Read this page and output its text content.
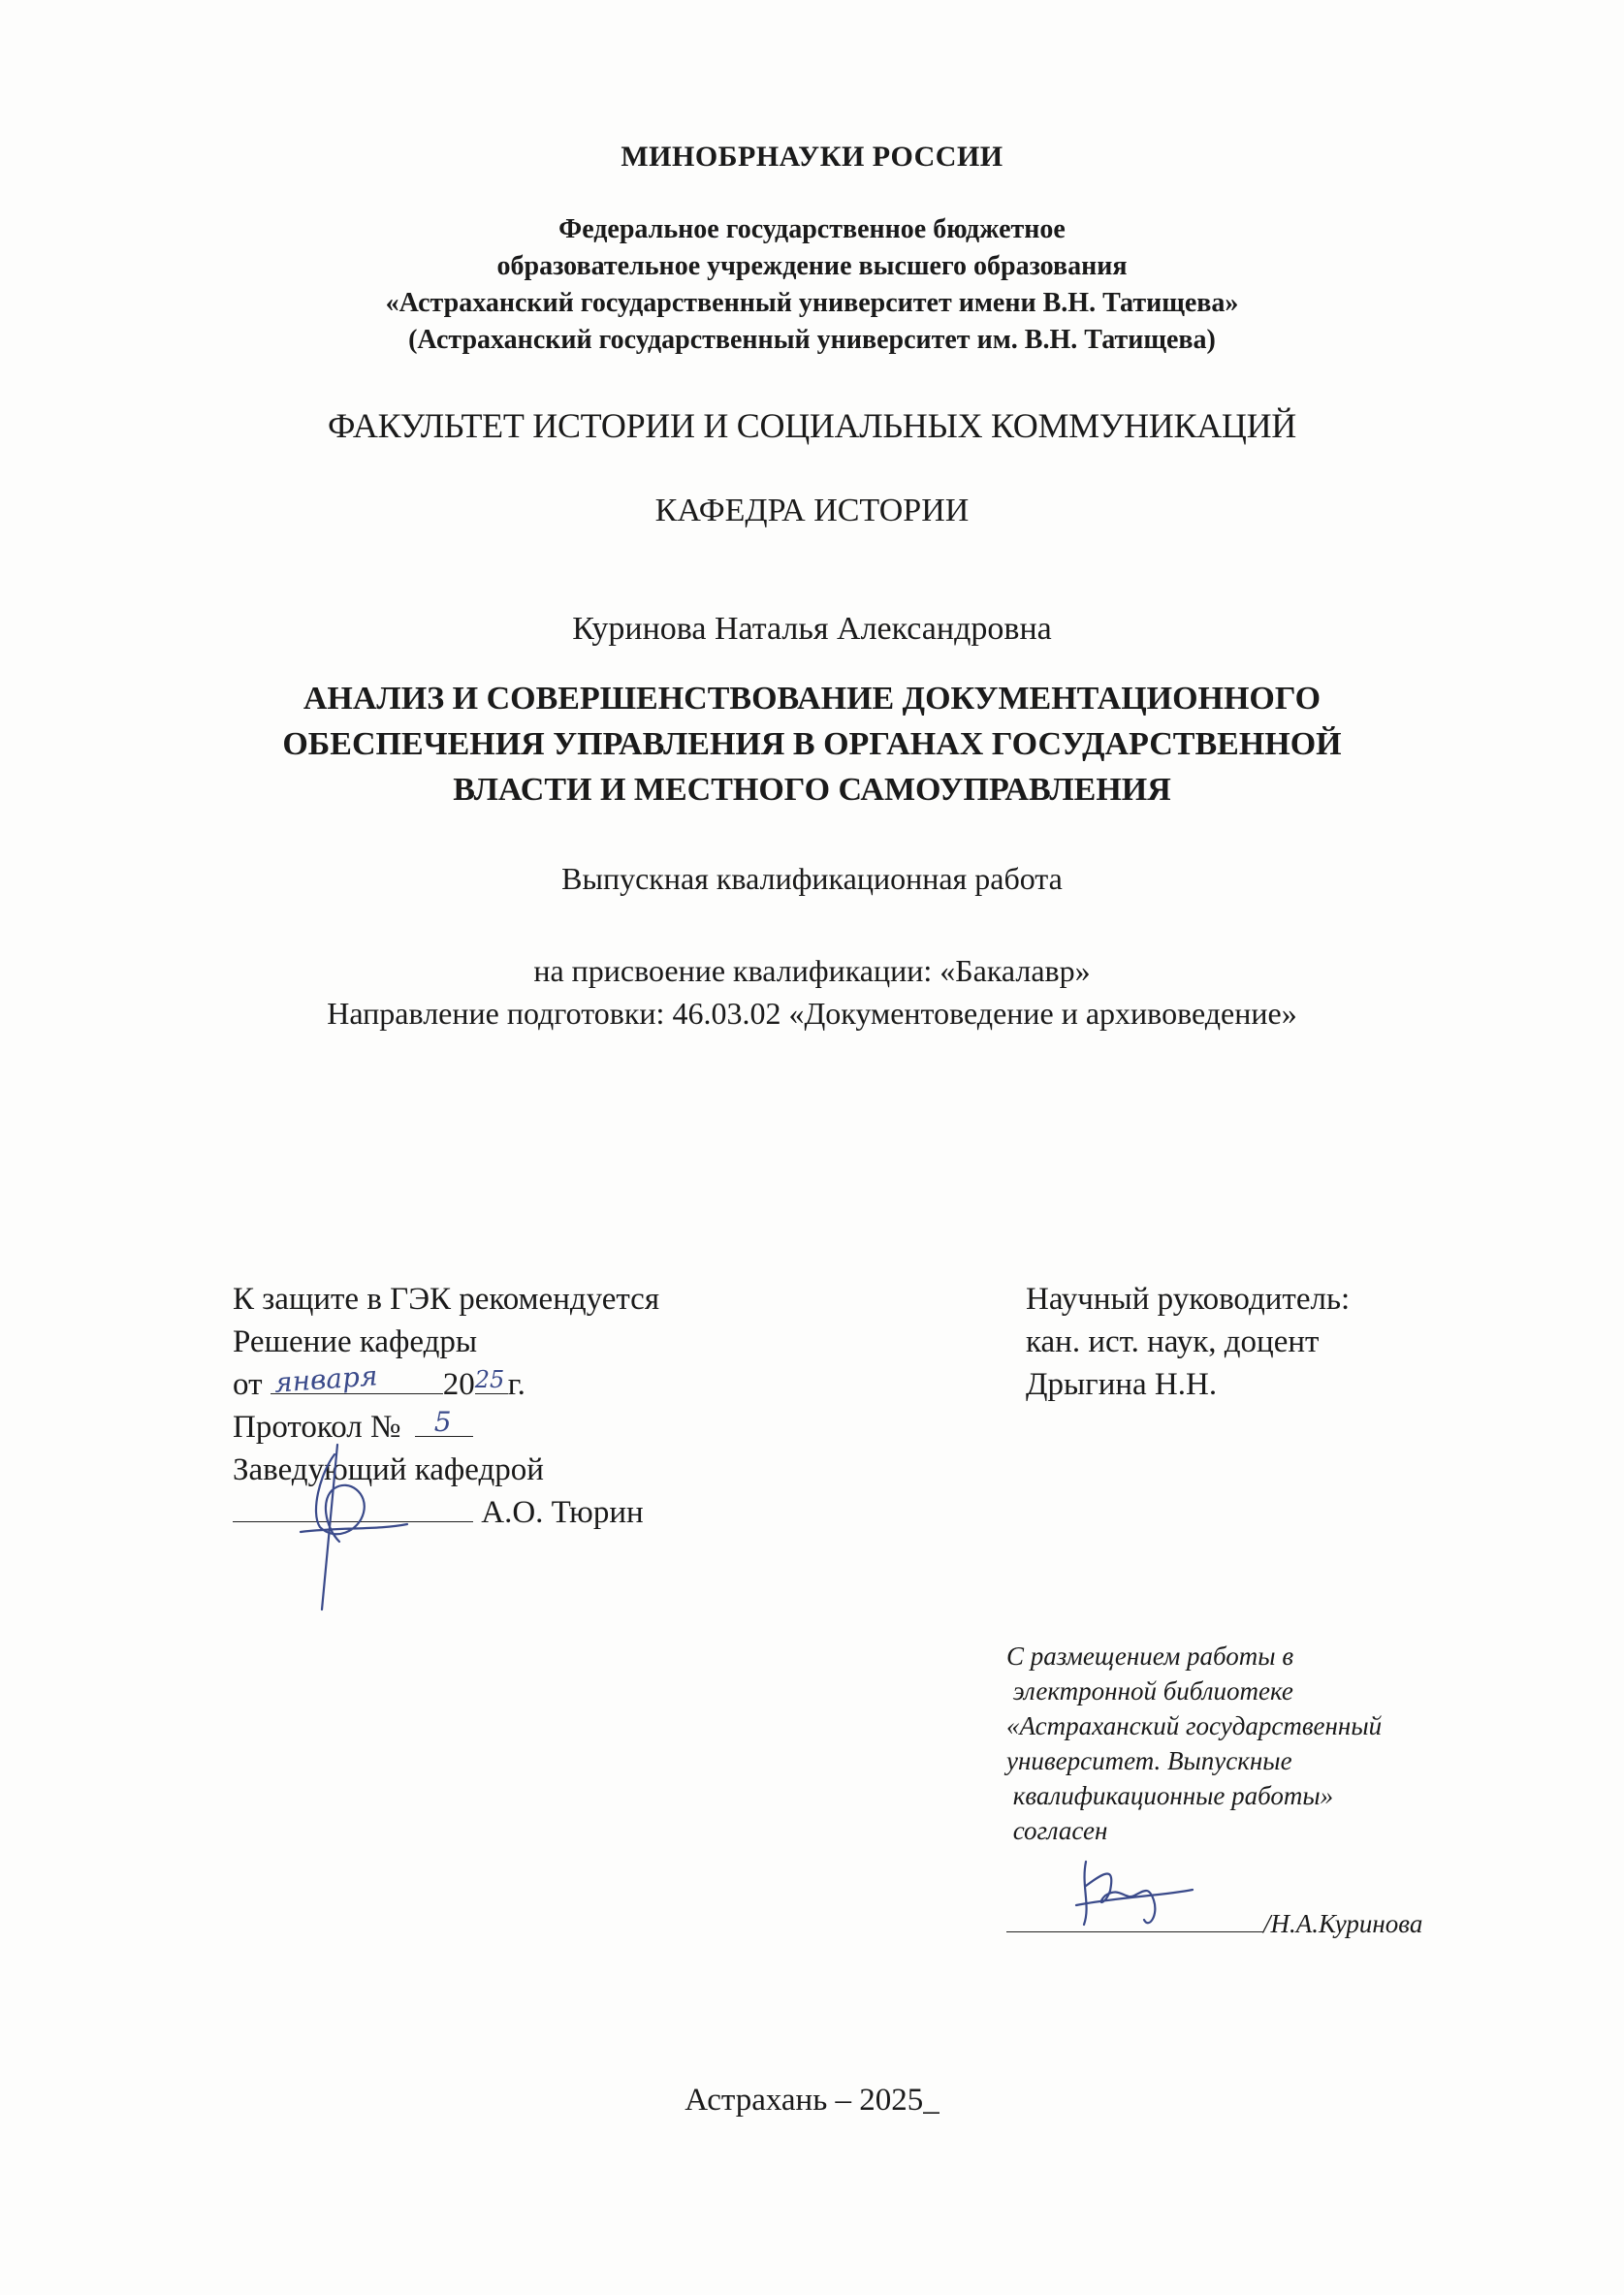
МИНОБРНАУКИ РОССИИ
Федеральное государственное бюджетное
образовательное учреждение высшего образования
«Астраханский государственный университет имени В.Н. Татищева»
(Астраханский государственный университет им. В.Н. Татищева)
ФАКУЛЬТЕТ ИСТОРИИ И СОЦИАЛЬНЫХ КОММУНИКАЦИЙ
КАФЕДРА ИСТОРИИ
Куринова Наталья Александровна
АНАЛИЗ И СОВЕРШЕНСТВОВАНИЕ ДОКУМЕНТАЦИОННОГО
ОБЕСПЕЧЕНИЯ УПРАВЛЕНИЯ В ОРГАНАХ ГОСУДАРСТВЕННОЙ
ВЛАСТИ И МЕСТНОГО САМОУПРАВЛЕНИЯ
Выпускная квалификационная работа
на присвоение квалификации: «Бакалавр»
Направление подготовки: 46.03.02 «Документоведение и архивоведение»
К защите в ГЭК рекомендуется
Решение кафедры
от января 20 25 г.
Протокол № 5
Заведующий кафедрой
А.О. Тюрин
Научный руководитель:
кан. ист. наук, доцент
Дрыгина Н.Н.
С размещением работы в
электронной библиотеке
«Астраханский государственный
университет. Выпускные
квалификационные работы»
согласен
/Н.А.Куринова
Астрахань – 2025_
